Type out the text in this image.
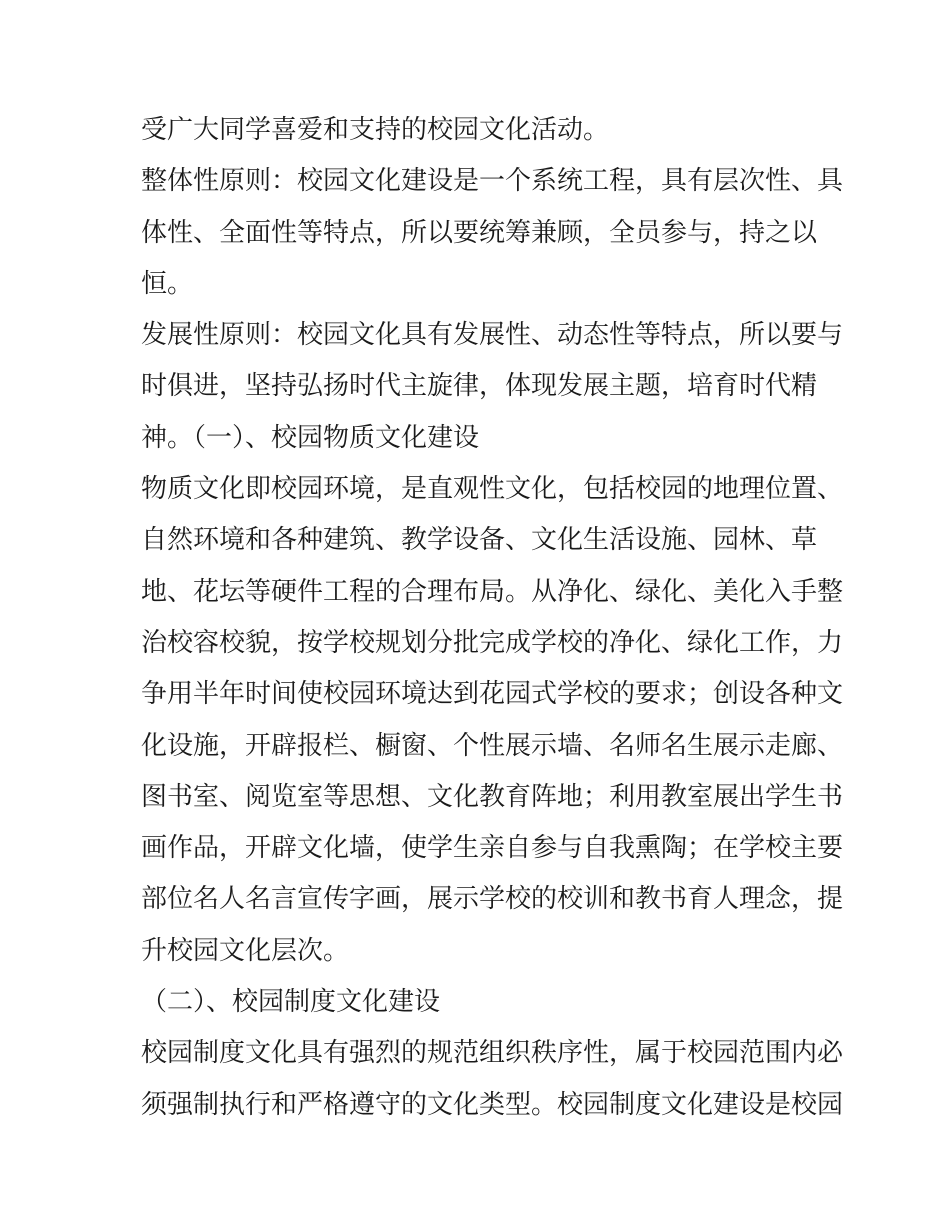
受广大同学喜爱和支持的校园文化活动。
整体性原则：校园文化建设是一个系统工程，具有层次性、具
体性、全面性等特点，所以要统筹兼顾，全员参与，持之以
恒。
发展性原则：校园文化具有发展性、动态性等特点，所以要与
时俱进，坚持弘扬时代主旋律，体现发展主题，培育时代精
神。（一）、校园物质文化建设
物质文化即校园环境，是直观性文化，包括校园的地理位置、
自然环境和各种建筑、教学设备、文化生活设施、园林、草
地、花坛等硬件工程的合理布局。从净化、绿化、美化入手整
治校容校貌，按学校规划分批完成学校的净化、绿化工作，力
争用半年时间使校园环境达到花园式学校的要求；创设各种文
化设施，开辟报栏、橱窗、个性展示墙、名师名生展示走廊、
图书室、阅览室等思想、文化教育阵地；利用教室展出学生书
画作品，开辟文化墙，使学生亲自参与自我熏陶；在学校主要
部位名人名言宣传字画，展示学校的校训和教书育人理念，提
升校园文化层次。
（二）、校园制度文化建设
校园制度文化具有强烈的规范组织秩序性，属于校园范围内必
须强制执行和严格遵守的文化类型。校园制度文化建设是校园
